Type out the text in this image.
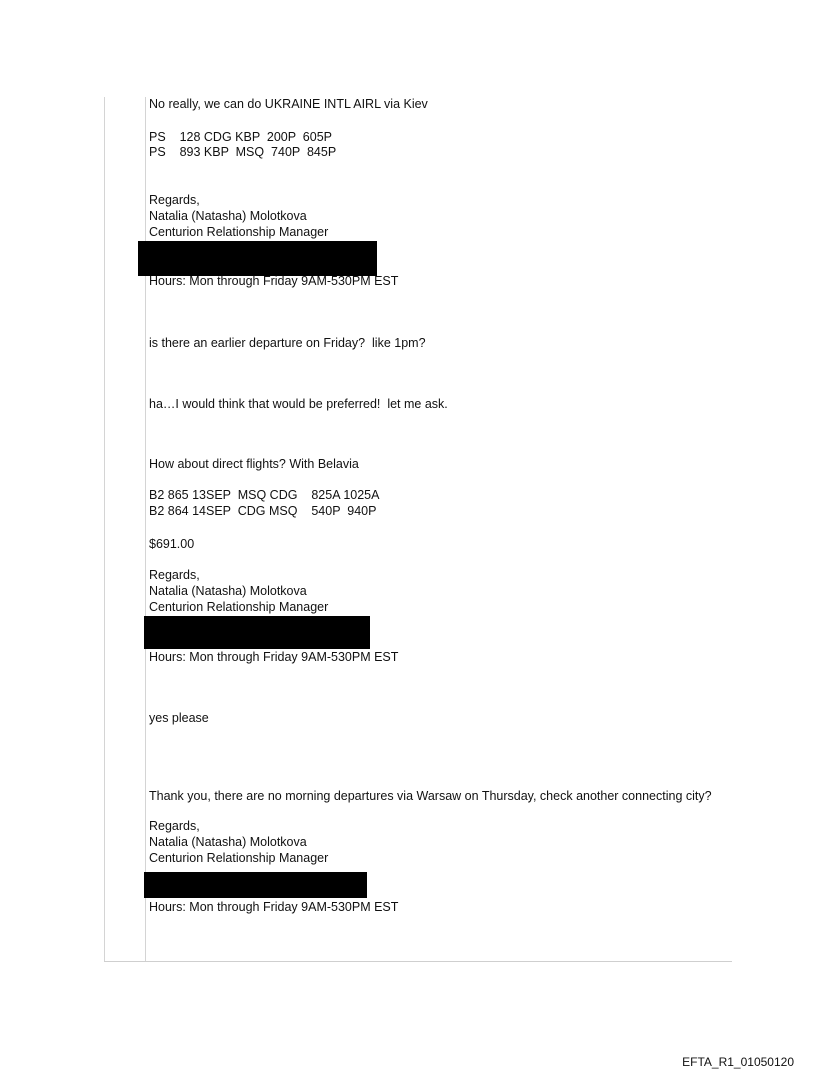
No really, we can do UKRAINE INTL AIRL via Kiev
PS    128 CDG KBP  200P  605P
PS    893 KBP  MSQ  740P  845P
Regards,
Natalia (Natasha) Molotkova
Centurion Relationship Manager
Hours: Mon through Friday 9AM-530PM EST
is there an earlier departure on Friday?  like 1pm?
ha…I would think that would be preferred!  let me ask.
How about direct flights? With Belavia
B2 865 13SEP  MSQ CDG    825A 1025A
B2 864 14SEP  CDG MSQ    540P  940P
$691.00
Regards,
Natalia (Natasha) Molotkova
Centurion Relationship Manager
Hours: Mon through Friday 9AM-530PM EST
yes please
Thank you, there are no morning departures via Warsaw on Thursday, check another connecting city?
Regards,
Natalia (Natasha) Molotkova
Centurion Relationship Manager
Hours: Mon through Friday 9AM-530PM EST
EFTA_R1_01050120
